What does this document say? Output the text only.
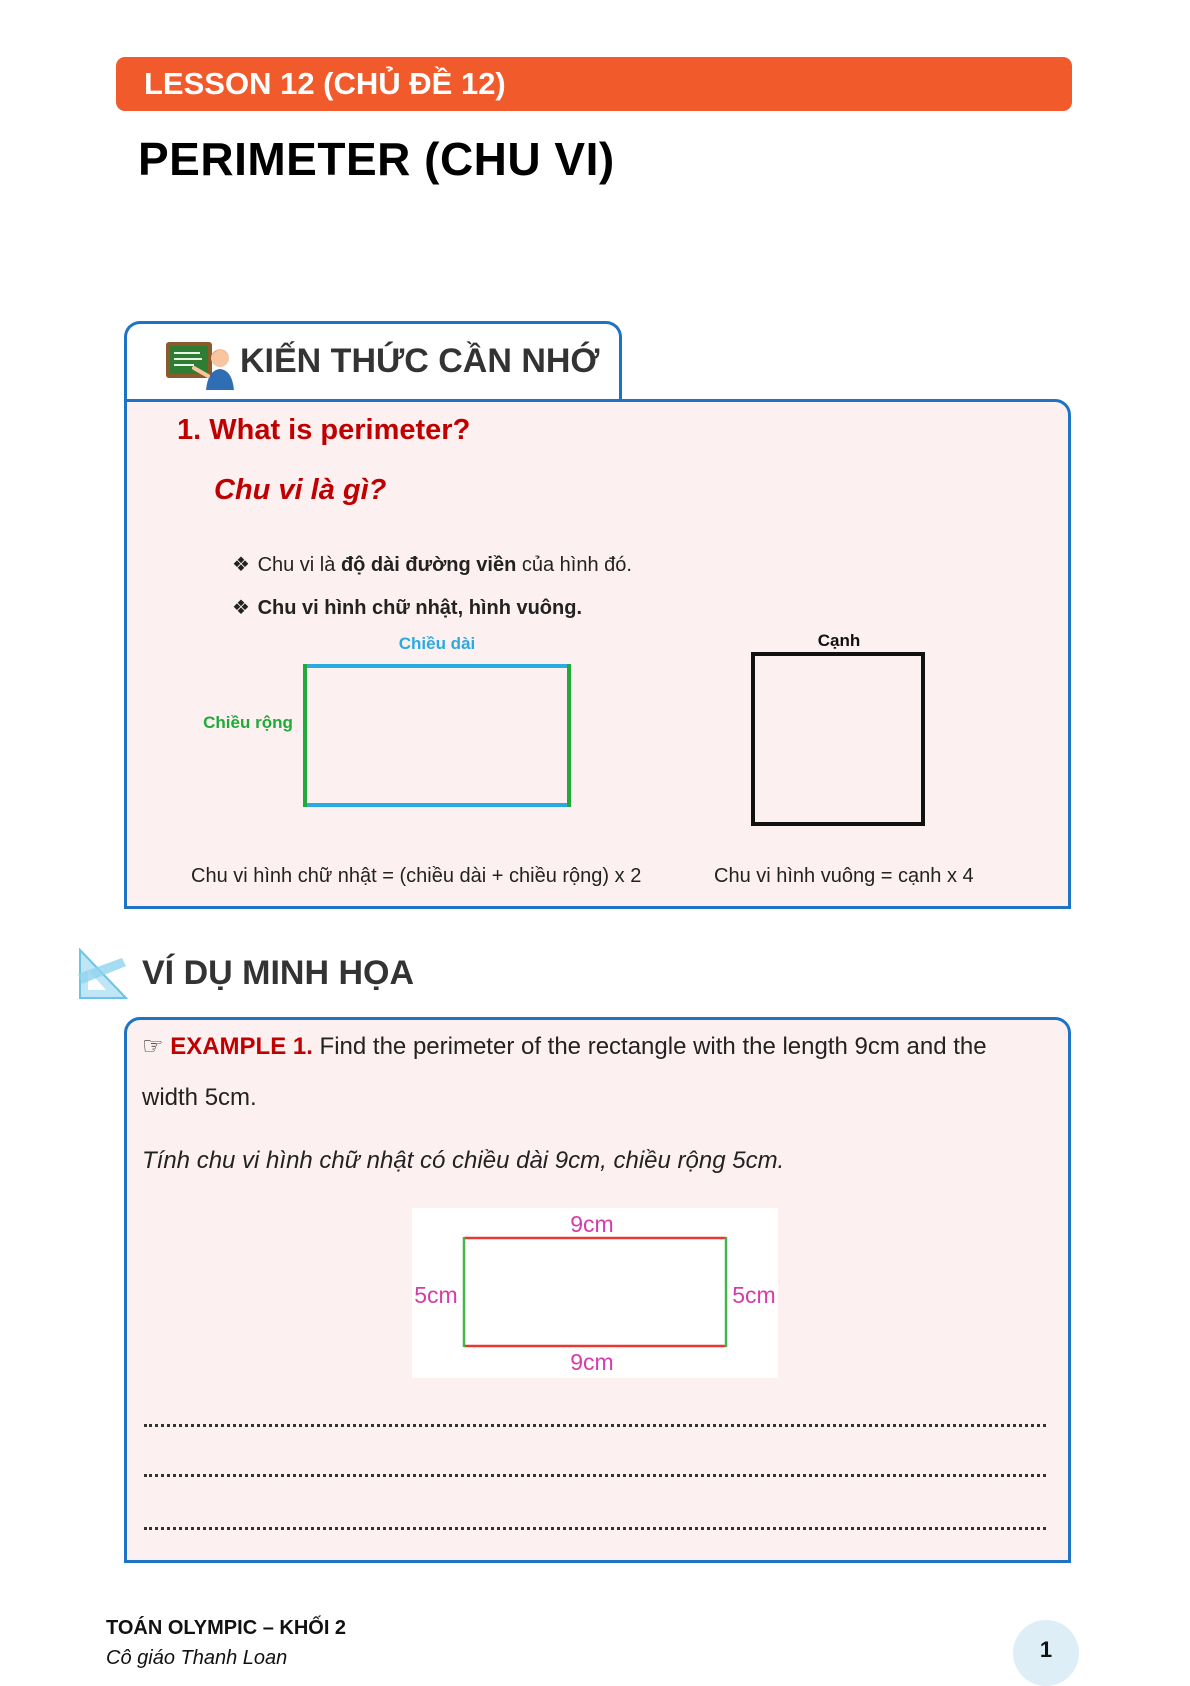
LESSON 12 (CHỦ ĐỀ 12)
PERIMETER (CHU VI)
KIẾN THỨC CẦN NHỚ
1. What is perimeter?
Chu vi là gì?
❖ Chu vi là độ dài đường viền của hình đó.
❖ Chu vi hình chữ nhật, hình vuông.
Chiều dài
Chiều rộng
Cạnh
Chu vi hình chữ nhật = (chiều dài + chiều rộng) x 2	Chu vi hình vuông = cạnh x 4
VÍ DỤ MINH HỌA
☞ EXAMPLE 1. Find the perimeter of the rectangle with the length 9cm and the
width 5cm.
Tính chu vi hình chữ nhật có chiều dài 9cm, chiều rộng 5cm.
9cm
9cm
5cm	5cm
TOÁN OLYMPIC – KHỐI 2
Cô giáo Thanh Loan	1
